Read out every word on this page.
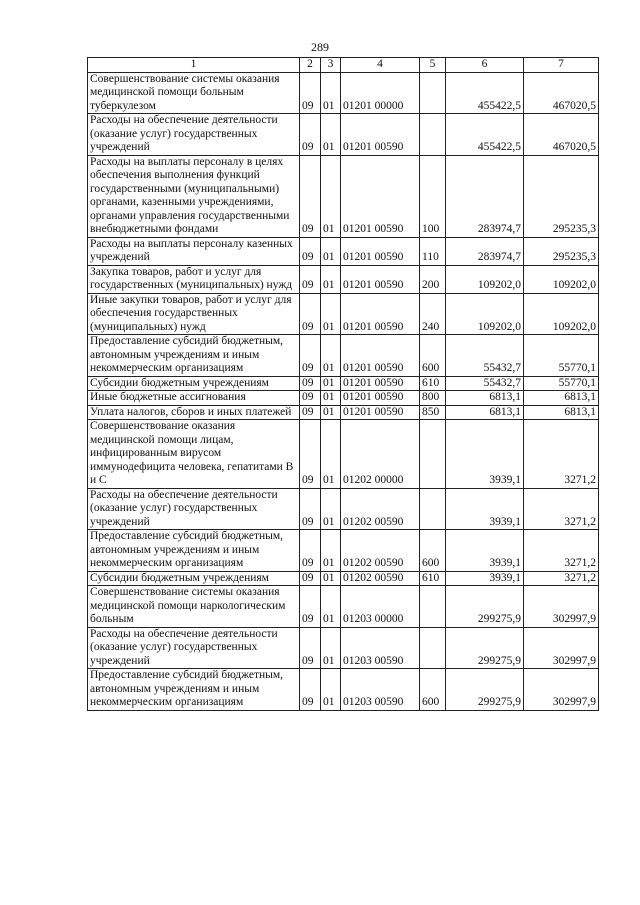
289
1	2	3	4	5	6	7
Совершенствование системы оказания медицинской помощи больным туберкулезом	09	01	01201 00000		455422,5	467020,5
Расходы на обеспечение деятельности (оказание услуг) государственных учреждений	09	01	01201 00590		455422,5	467020,5
Расходы на выплаты персоналу в целях обеспечения выполнения функций государственными (муниципальными) органами, казенными учреждениями, органами управления государственными внебюджетными фондами	09	01	01201 00590	100	283974,7	295235,3
Расходы на выплаты персоналу казенных учреждений	09	01	01201 00590	110	283974,7	295235,3
Закупка товаров, работ и услуг для государственных (муниципальных) нужд	09	01	01201 00590	200	109202,0	109202,0
Иные закупки товаров, работ и услуг для обеспечения государственных (муниципальных) нужд	09	01	01201 00590	240	109202,0	109202,0
Предоставление субсидий бюджетным, автономным учреждениям и иным некоммерческим организациям	09	01	01201 00590	600	55432,7	55770,1
Субсидии бюджетным учреждениям	09	01	01201 00590	610	55432,7	55770,1
Иные бюджетные ассигнования	09	01	01201 00590	800	6813,1	6813,1
Уплата налогов, сборов и иных платежей	09	01	01201 00590	850	6813,1	6813,1
Совершенствование оказания медицинской помощи лицам, инфицированным вирусом иммунодефицита человека, гепатитами B и C	09	01	01202 00000		3939,1	3271,2
Расходы на обеспечение деятельности (оказание услуг) государственных учреждений	09	01	01202 00590		3939,1	3271,2
Предоставление субсидий бюджетным, автономным учреждениям и иным некоммерческим организациям	09	01	01202 00590	600	3939,1	3271,2
Субсидии бюджетным учреждениям	09	01	01202 00590	610	3939,1	3271,2
Совершенствование системы оказания медицинской помощи наркологическим больным	09	01	01203 00000		299275,9	302997,9
Расходы на обеспечение деятельности (оказание услуг) государственных учреждений	09	01	01203 00590		299275,9	302997,9
Предоставление субсидий бюджетным, автономным учреждениям и иным некоммерческим организациям	09	01	01203 00590	600	299275,9	302997,9
